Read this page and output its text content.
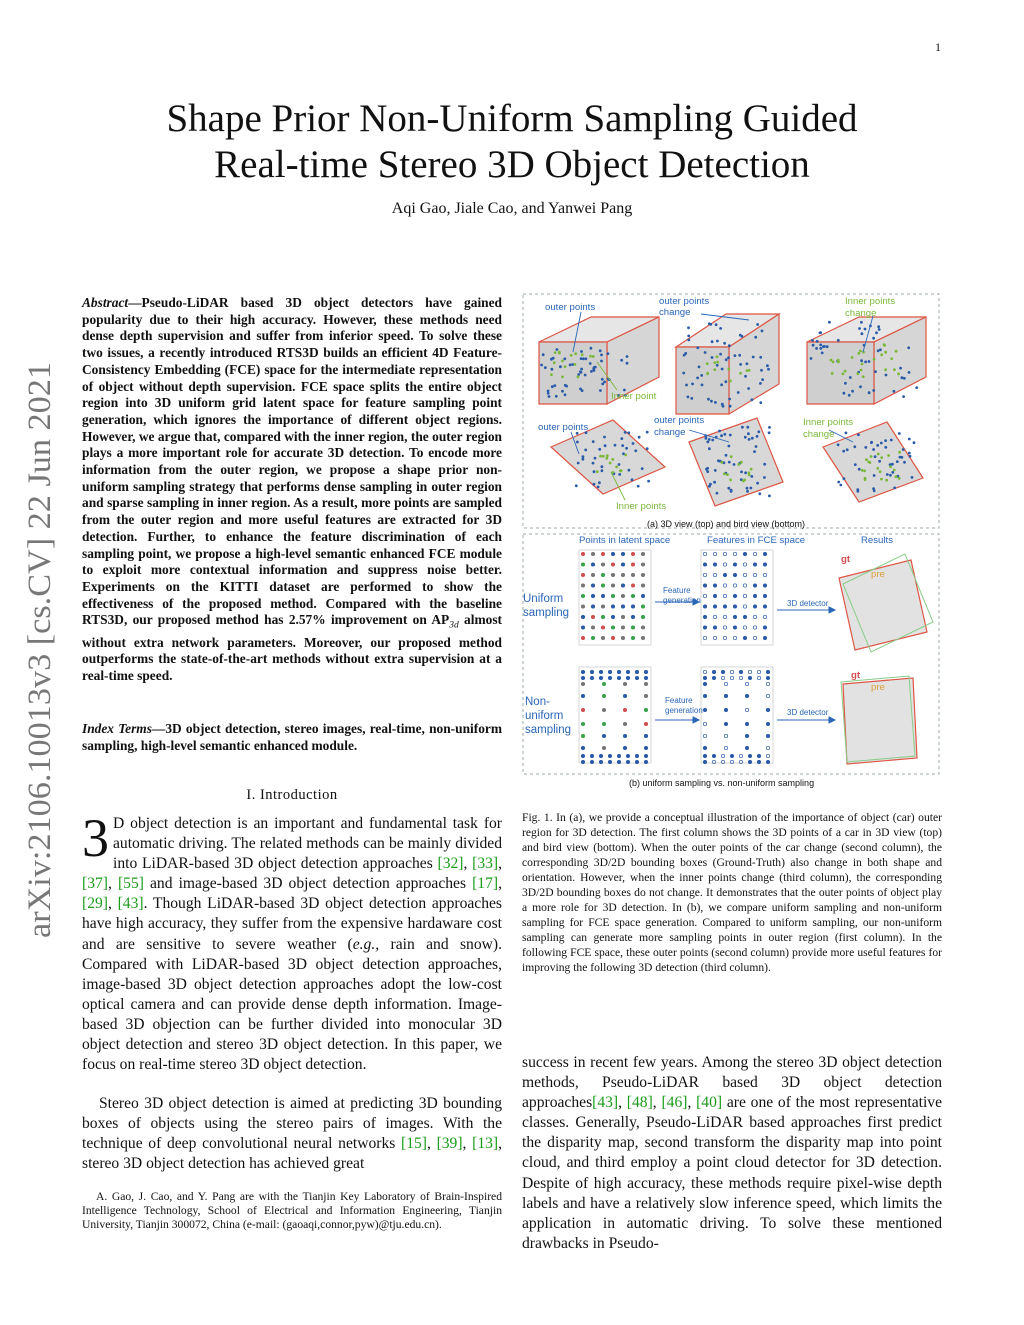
1
arXiv:2106.10013v3 [cs.CV] 22 Jun 2021
Shape Prior Non-Uniform Sampling Guided
Real-time Stereo 3D Object Detection
Aqi Gao, Jiale Cao, and Yanwei Pang
Abstract—Pseudo-LiDAR based 3D object detectors have gained popularity due to their high accuracy. However, these methods need dense depth supervision and suffer from inferior speed. To solve these two issues, a recently introduced RTS3D builds an efficient 4D Feature-Consistency Embedding (FCE) space for the intermediate representation of object without depth supervision. FCE space splits the entire object region into 3D uniform grid latent space for feature sampling point generation, which ignores the importance of different object regions. However, we argue that, compared with the inner region, the outer region plays a more important role for accurate 3D detection. To encode more information from the outer region, we propose a shape prior non-uniform sampling strategy that performs dense sampling in outer region and sparse sampling in inner region. As a result, more points are sampled from the outer region and more useful features are extracted for 3D detection. Further, to enhance the feature discrimination of each sampling point, we propose a high-level semantic enhanced FCE module to exploit more contextual information and suppress noise better. Experiments on the KITTI dataset are performed to show the effectiveness of the proposed method. Compared with the baseline RTS3D, our proposed method has 2.57% improvement on $AP_{3d}$ almost without extra network parameters. Moreover, our proposed method outperforms the state-of-the-art methods without extra supervision at a real-time speed.
Index Terms—3D object detection, stereo images, real-time, non-uniform sampling, high-level semantic enhanced module.
I. Introduction
3 D object detection is an important and fundamental task for automatic driving. The related methods can be mainly divided into LiDAR-based 3D object detection approaches [32], [33], [37], [55] and image-based 3D object detection approaches [17], [29], [43]. Though LiDAR-based 3D object detection approaches have high accuracy, they suffer from the expensive hardaware cost and are sensitive to severe weather (e.g., rain and snow). Compared with LiDAR-based 3D object detection approaches, image-based 3D object detection approaches adopt the low-cost optical camera and can provide dense depth information. Image-based 3D objection can be further divided into monocular 3D object detection and stereo 3D object detection. In this paper, we focus on real-time stereo 3D object detection.
Stereo 3D object detection is aimed at predicting 3D bounding boxes of objects using the stereo pairs of images. With the technique of deep convolutional neural networks [15], [39], [13], stereo 3D object detection has achieved great
A. Gao, J. Cao, and Y. Pang are with the Tianjin Key Laboratory of Brain-Inspired Intelligence Technology, School of Electrical and Information Engineering, Tianjin University, Tianjin 300072, China (e-mail: (gaoaqi,connor,pyw)@tju.edu.cn).
outer points
outer points
change
Inner points
change
Inner point
outer points
outer points
change
Inner points
change
Inner points
(a) 3D view (top) and bird view (bottom)
Points in latent space	Features in FCE space	Results
Uniform
sampling
Non-
uniform
sampling
Feature
generation
Feature
generation
3D detector
3D detector
gt
pre
gt
pre
(b) uniform sampling vs. non-uniform sampling
Fig. 1. In (a), we provide a conceptual illustration of the importance of object (car) outer region for 3D detection. The first column shows the 3D points of a car in 3D view (top) and bird view (bottom). When the outer points of the car change (second column), the corresponding 3D/2D bounding boxes (Ground-Truth) also change in both shape and orientation. However, when the inner points change (third column), the corresponding 3D/2D bounding boxes do not change. It demonstrates that the outer points of object play a more role for 3D detection. In (b), we compare uniform sampling and non-uniform sampling for FCE space generation. Compared to uniform sampling, our non-uniform sampling can generate more sampling points in outer region (first column). In the following FCE space, these outer points (second column) provide more useful features for improving the following 3D detection (third column).
success in recent few years. Among the stereo 3D object detection methods, Pseudo-LiDAR based 3D object detection approaches[43], [48], [46], [40] are one of the most representative classes. Generally, Pseudo-LiDAR based approaches first predict the disparity map, second transform the disparity map into point cloud, and third employ a point cloud detector for 3D detection. Despite of high accuracy, these methods require pixel-wise depth labels and have a relatively slow inference speed, which limits the application in automatic driving. To solve these mentioned drawbacks in Pseudo-
